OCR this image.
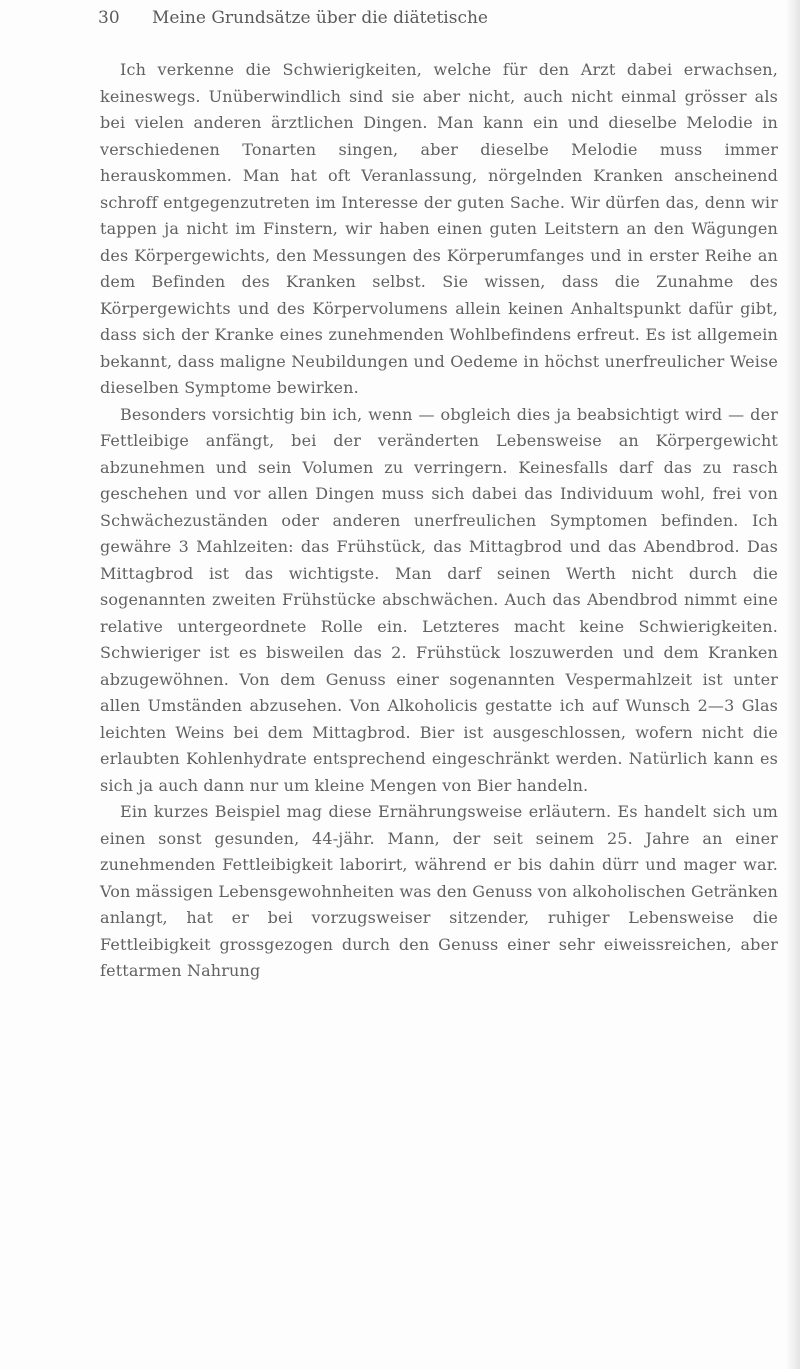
30 Meine Grundsätze über die diätetische

Ich verkenne die Schwierigkeiten, welche für den Arzt dabei erwachsen, keineswegs. Unüberwindlich sind sie aber nicht, auch nicht einmal grösser als bei vielen anderen ärztlichen Dingen. Man kann ein und dieselbe Melodie in verschiedenen Tonarten singen, aber dieselbe Melodie muss immer herauskommen. Man hat oft Veranlassung, nörgelnden Kranken anscheinend schroff entgegenzutreten im Interesse der guten Sache. Wir dürfen das, denn wir tappen ja nicht im Finstern, wir haben einen guten Leitstern an den Wägungen des Körpergewichts, den Messungen des Körperumfanges und in erster Reihe an dem Befinden des Kranken selbst. Sie wissen, dass die Zunahme des Körpergewichts und des Körpervolumens allein keinen Anhaltspunkt dafür gibt, dass sich der Kranke eines zunehmenden Wohlbefindens erfreut. Es ist allgemein bekannt, dass maligne Neubildungen und Oedeme in höchst unerfreulicher Weise dieselben Symptome bewirken.

Besonders vorsichtig bin ich, wenn — obgleich dies ja beabsichtigt wird — der Fettleibige anfängt, bei der veränderten Lebensweise an Körpergewicht abzunehmen und sein Volumen zu verringern. Keinesfalls darf das zu rasch geschehen und vor allen Dingen muss sich dabei das Individuum wohl, frei von Schwächezuständen oder anderen unerfreulichen Symptomen befinden. Ich gewähre 3 Mahlzeiten: das Frühstück, das Mittagbrod und das Abendbrod. Das Mittagbrod ist das wichtigste. Man darf seinen Werth nicht durch die sogenannten zweiten Frühstücke abschwächen. Auch das Abendbrod nimmt eine relative untergeordnete Rolle ein. Letzteres macht keine Schwierigkeiten. Schwieriger ist es bisweilen das 2. Frühstück loszuwerden und dem Kranken abzugewöhnen. Von dem Genuss einer sogenannten Vespermahlzeit ist unter allen Umständen abzusehen. Von Alkoholicis gestatte ich auf Wunsch 2—3 Glas leichten Weins bei dem Mittagbrod. Bier ist ausgeschlossen, wofern nicht die erlaubten Kohlenhydrate entsprechend eingeschränkt werden. Natürlich kann es sich ja auch dann nur um kleine Mengen von Bier handeln.

Ein kurzes Beispiel mag diese Ernährungsweise erläutern. Es handelt sich um einen sonst gesunden, 44-jähr. Mann, der seit seinem 25. Jahre an einer zunehmenden Fettleibigkeit laborirt, während er bis dahin dürr und mager war. Von mässigen Lebensgewohnheiten was den Genuss von alkoholischen Getränken anlangt, hat er bei vorzugsweiser sitzender, ruhiger Lebensweise die Fettleibigkeit grossgezogen durch den Genuss einer sehr eiweissreichen, aber fettarmen Nahrung
